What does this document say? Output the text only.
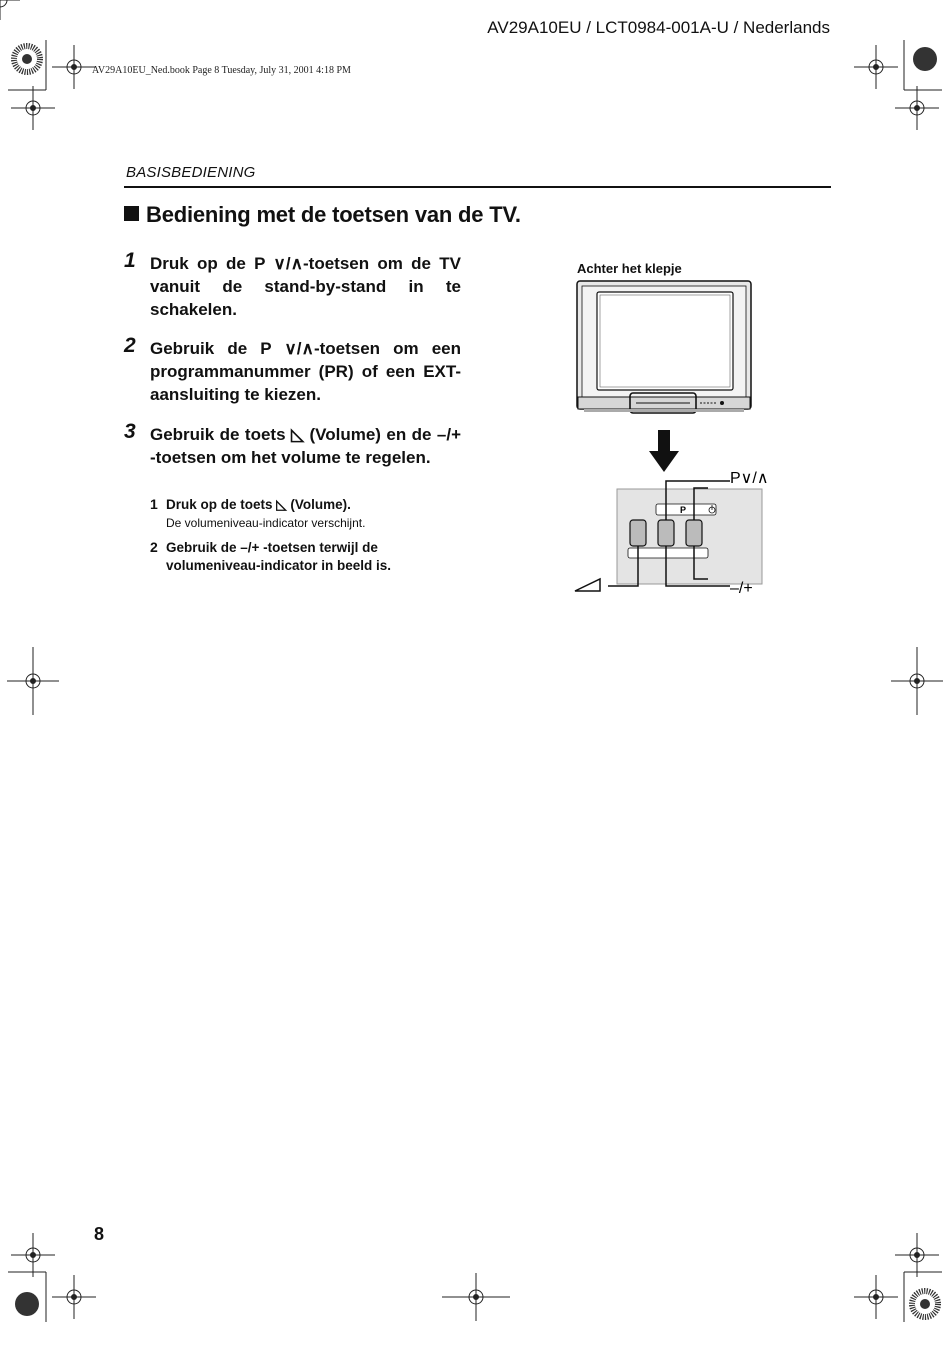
AV29A10EU / LCT0984-001A-U / Nederlands
AV29A10EU_Ned.book Page 8 Tuesday, July 31, 2001 4:18 PM
BASISBEDIENING
Bediening met de toetsen van de TV.
1 Druk op de P ∨/∧-toetsen om de TV vanuit de stand-by-stand in te schakelen.
2 Gebruik de P ∨/∧-toetsen om een programmanummer (PR) of een EXT-aansluiting te kiezen.
3 Gebruik de toets ◺ (Volume) en de –/+ -toetsen om het volume te regelen.
1 Druk op de toets ◺ (Volume).
De volumeniveau-indicator verschijnt.
2 Gebruik de –/+ -toetsen terwijl de volumeniveau-indicator in beeld is.
Achter het klepje
P
P∨/∧
–/+
8
